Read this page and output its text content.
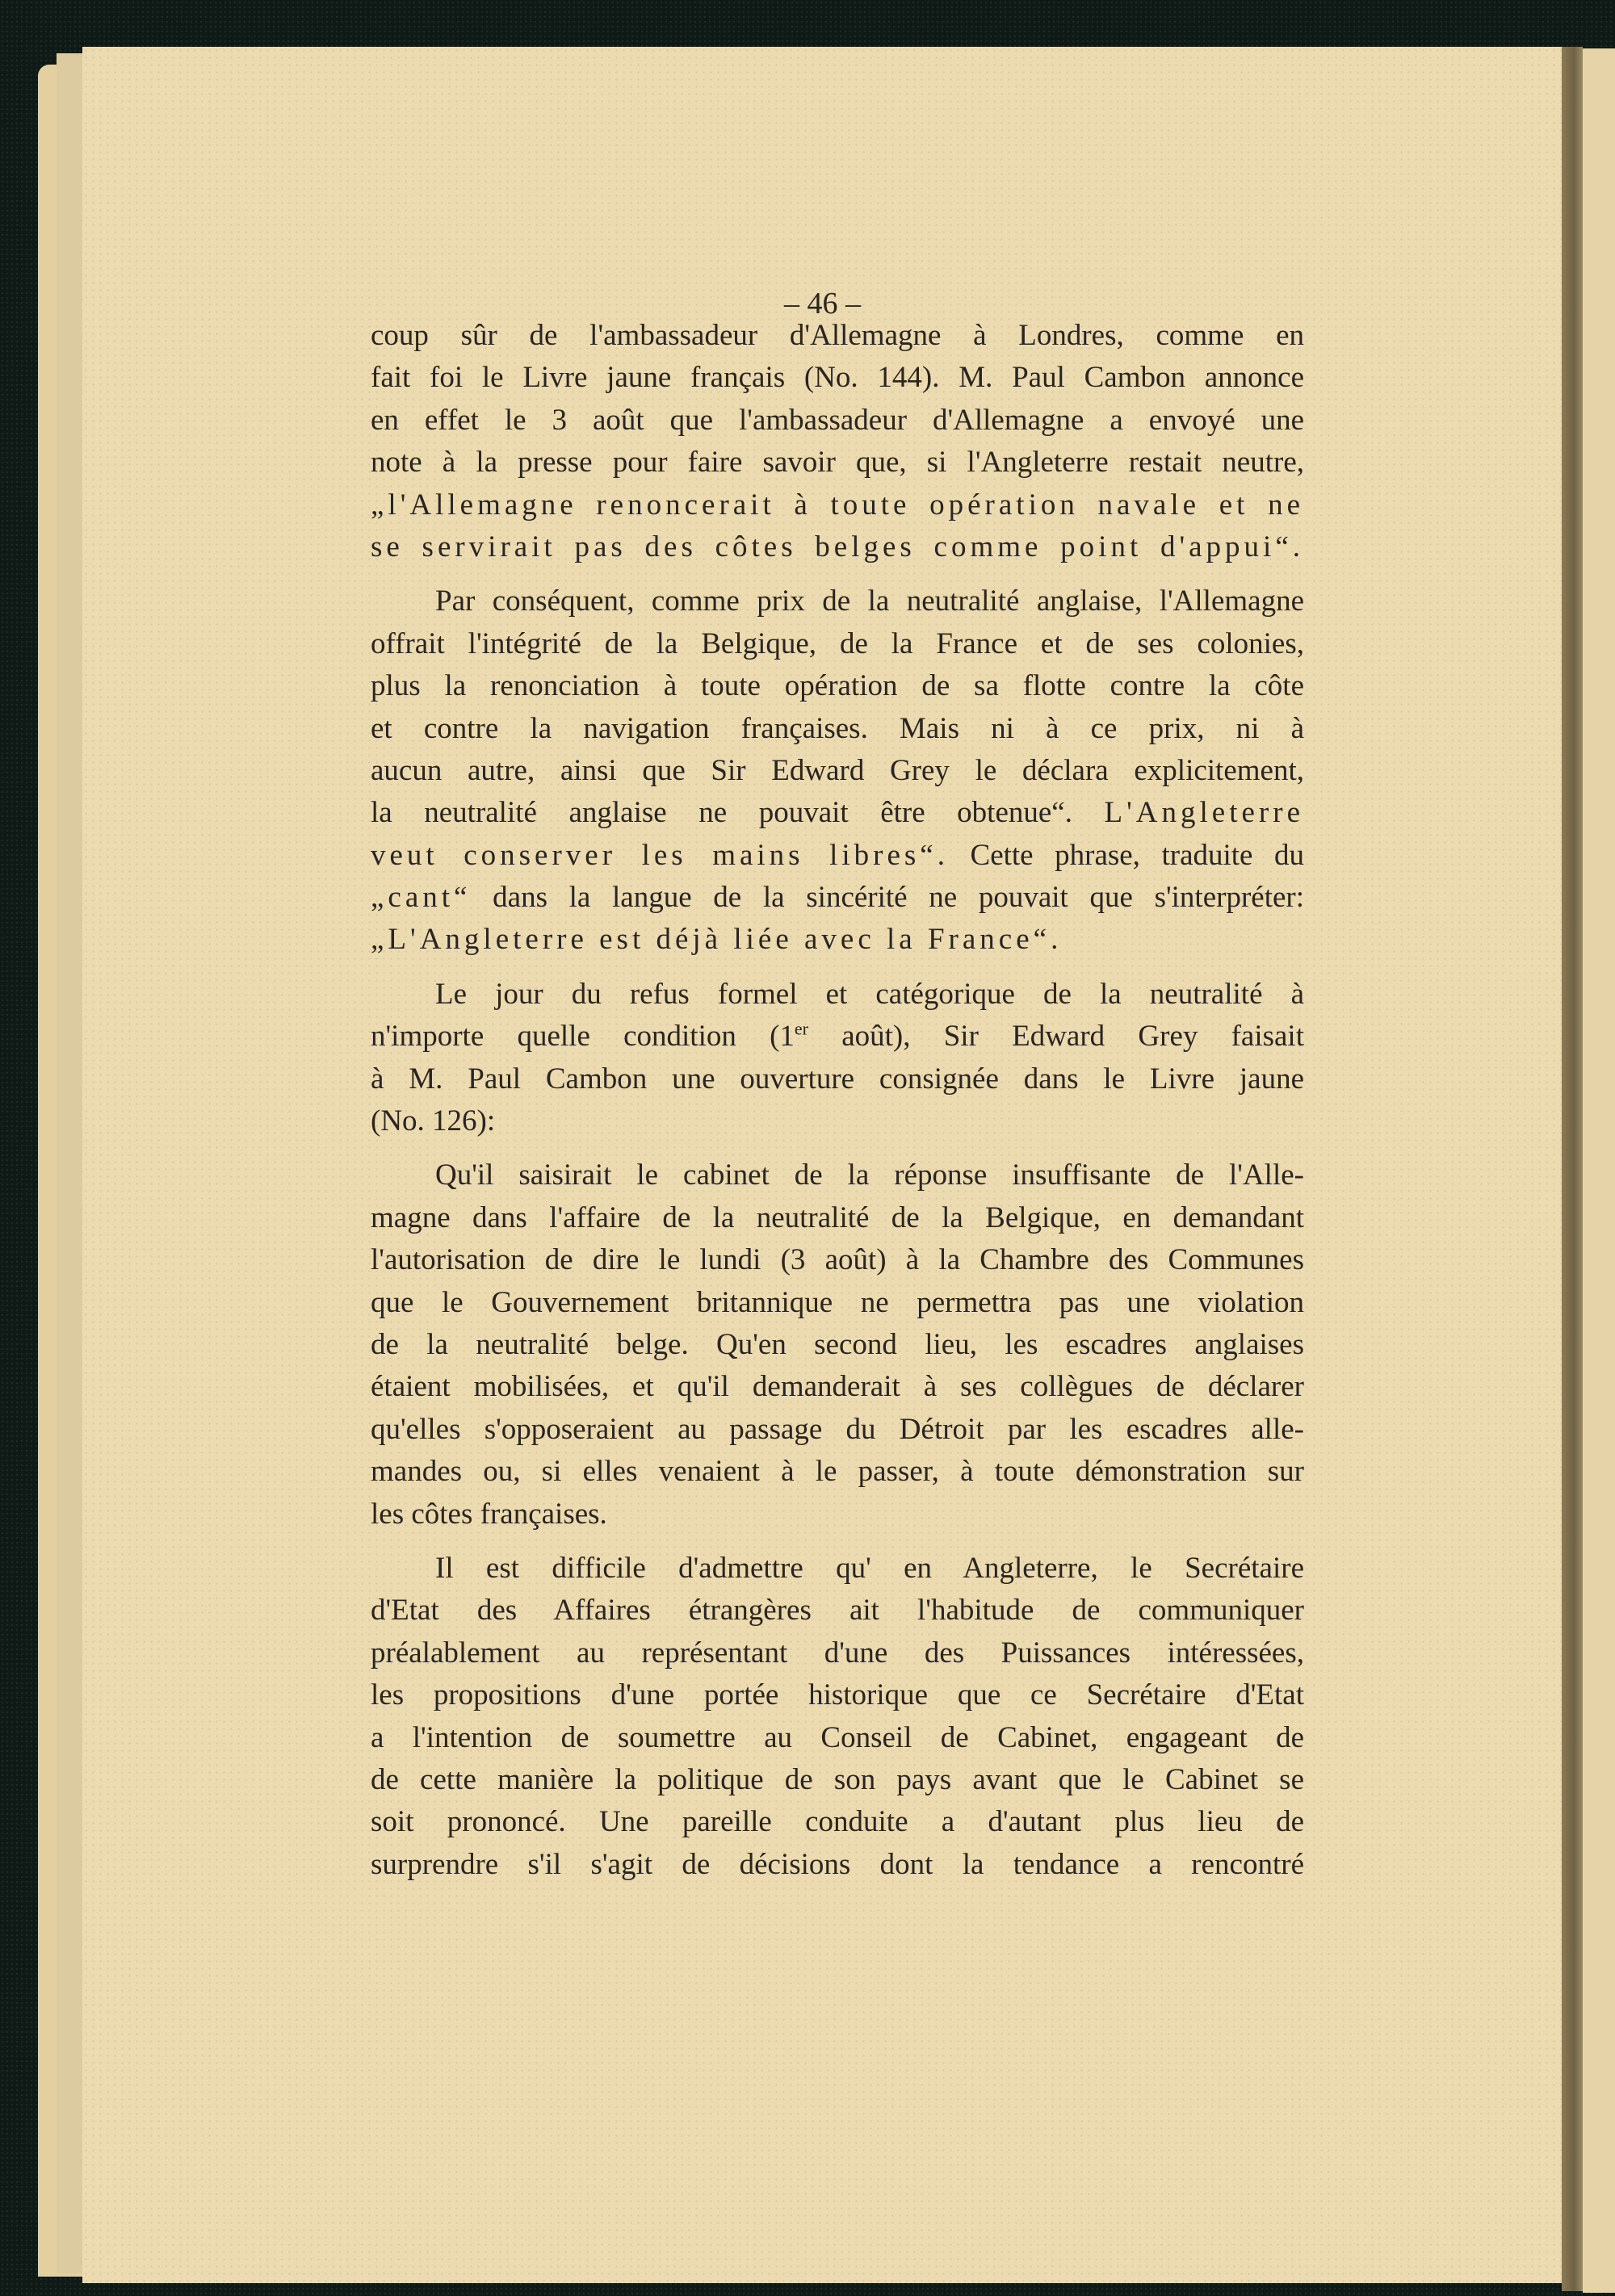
– 46 –
coup sûr de l'ambassadeur d'Allemagne à Londres, comme en
fait foi le Livre jaune français (No. 144). M. Paul Cambon annonce
en effet le 3 août que l'ambassadeur d'Allemagne a envoyé une
note à la presse pour faire savoir que, si l'Angleterre restait neutre,
„l'Allemagne renoncerait à toute opération navale et ne
se servirait pas des côtes belges comme point d'appui“.
Par conséquent, comme prix de la neutralité anglaise, l'Allemagne
offrait l'intégrité de la Belgique, de la France et de ses colonies,
plus la renonciation à toute opération de sa flotte contre la côte
et contre la navigation françaises. Mais ni à ce prix, ni à
aucun autre, ainsi que Sir Edward Grey le déclara explicitement,
la neutralité anglaise ne pouvait être obtenue“. L'Angleterre
veut conserver les mains libres“. Cette phrase, traduite du
„cant“ dans la langue de la sincérité ne pouvait que s'interpréter:
„L'Angleterre est déjà liée avec la France“.
Le jour du refus formel et catégorique de la neutralité à
n'importe quelle condition (1er août), Sir Edward Grey faisait
à M. Paul Cambon une ouverture consignée dans le Livre jaune
(No. 126):
Qu'il saisirait le cabinet de la réponse insuffisante de l'Alle-
magne dans l'affaire de la neutralité de la Belgique, en demandant
l'autorisation de dire le lundi (3 août) à la Chambre des Communes
que le Gouvernement britannique ne permettra pas une violation
de la neutralité belge. Qu'en second lieu, les escadres anglaises
étaient mobilisées, et qu'il demanderait à ses collègues de déclarer
qu'elles s'opposeraient au passage du Détroit par les escadres alle-
mandes ou, si elles venaient à le passer, à toute démonstration sur
les côtes françaises.
Il est difficile d'admettre qu' en Angleterre, le Secrétaire
d'Etat des Affaires étrangères ait l'habitude de communiquer
préalablement au représentant d'une des Puissances intéressées,
les propositions d'une portée historique que ce Secrétaire d'Etat
a l'intention de soumettre au Conseil de Cabinet, engageant de
de cette manière la politique de son pays avant que le Cabinet se
soit prononcé. Une pareille conduite a d'autant plus lieu de
surprendre s'il s'agit de décisions dont la tendance a rencontré
